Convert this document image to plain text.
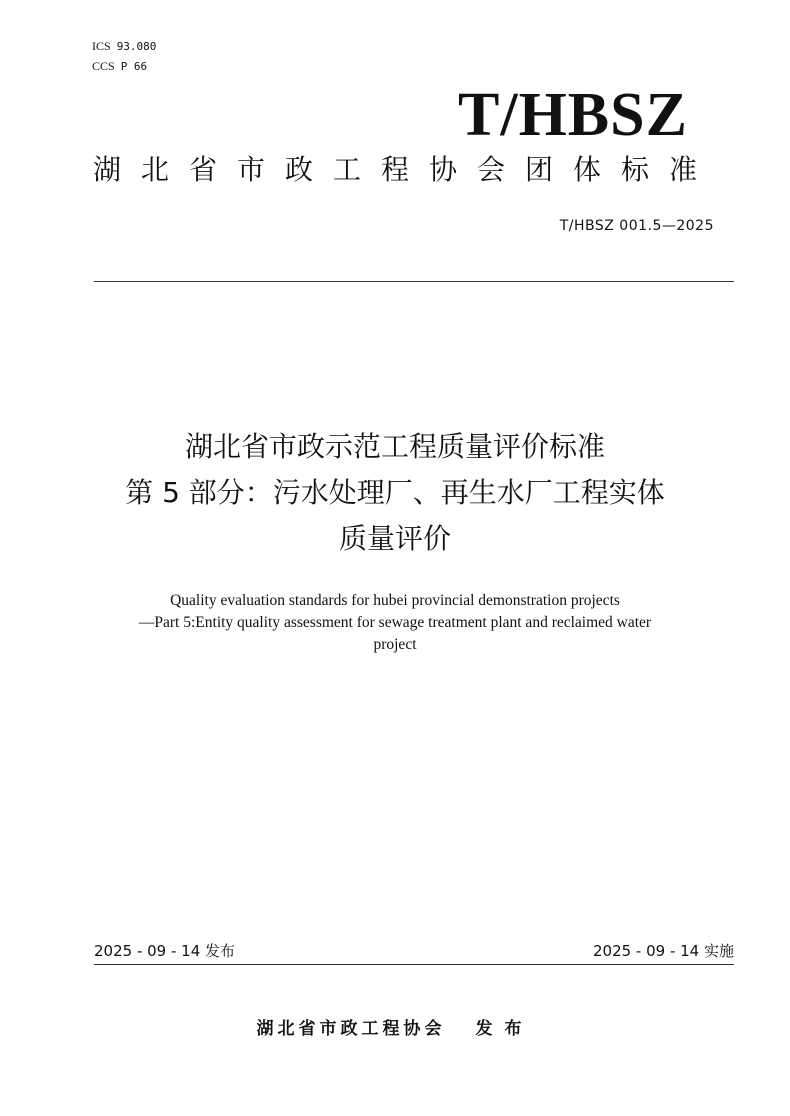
ICS 93.080
CCS P 66
T/HBSZ
湖北省市政工程协会团体标准
T/HBSZ 001.5—2025
湖北省市政示范工程质量评价标准
第 5 部分：污水处理厂、再生水厂工程实体
质量评价
Quality evaluation standards for hubei provincial demonstration projects
—Part 5:Entity quality assessment for sewage treatment plant and reclaimed water
project
2025 - 09 - 14 发布	2025 - 09 - 14 实施
湖北省市政工程协会 发布
